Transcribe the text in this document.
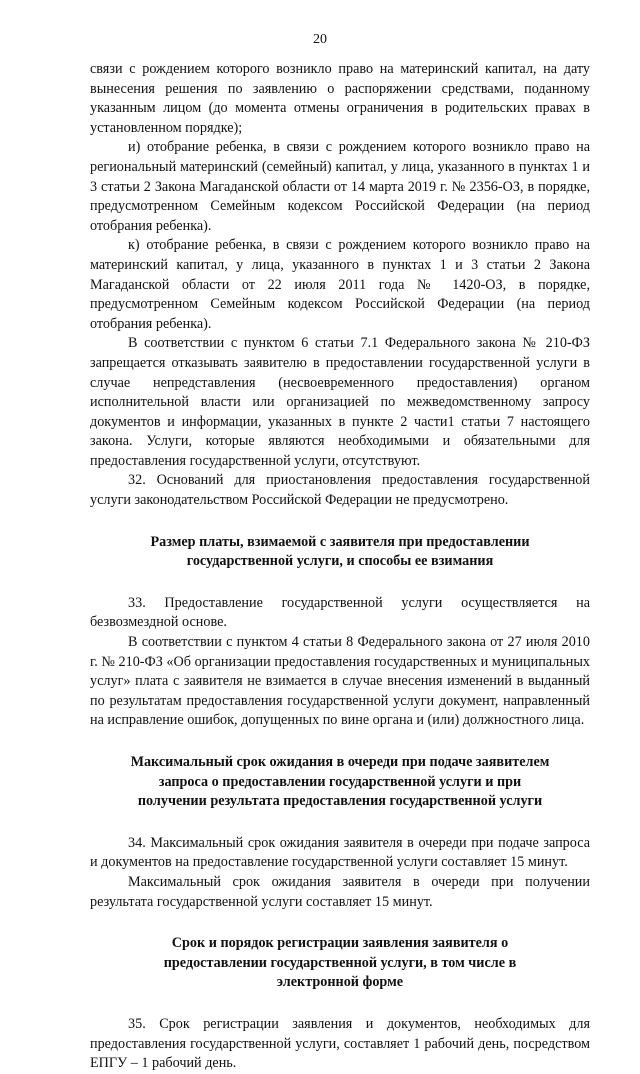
20

связи с рождением которого возникло право на материнский капитал, на дату вынесения решения по заявлению о распоряжении средствами, поданному указанным лицом (до момента отмены ограничения в родительских правах в установленном порядке);

и) отобрание ребенка, в связи с рождением которого возникло право на региональный материнский (семейный) капитал, у лица, указанного в пунктах 1 и 3 статьи 2 Закона Магаданской области от 14 марта 2019 г. № 2356-ОЗ, в порядке, предусмотренном Семейным кодексом Российской Федерации (на период отобрания ребенка).

к) отобрание ребенка, в связи с рождением которого возникло право на материнский капитал, у лица, указанного в пунктах 1 и 3 статьи 2 Закона Магаданской области от 22 июля 2011 года № 1420-ОЗ, в порядке, предусмотренном Семейным кодексом Российской Федерации (на период отобрания ребенка).

В соответствии с пунктом 6 статьи 7.1 Федерального закона № 210-ФЗ запрещается отказывать заявителю в предоставлении государственной услуги в случае непредставления (несвоевременного предоставления) органом исполнительной власти или организацией по межведомственному запросу документов и информации, указанных в пункте 2 части1 статьи 7 настоящего закона. Услуги, которые являются необходимыми и обязательными для предоставления государственной услуги, отсутствуют.

32. Оснований для приостановления предоставления государственной услуги законодательством Российской Федерации не предусмотрено.

Размер платы, взимаемой с заявителя при предоставлении государственной услуги, и способы ее взимания

33. Предоставление государственной услуги осуществляется на безвозмездной основе.

В соответствии с пунктом 4 статьи 8 Федерального закона от 27 июля 2010 г. № 210-ФЗ «Об организации предоставления государственных и муниципальных услуг» плата с заявителя не взимается в случае внесения изменений в выданный по результатам предоставления государственной услуги документ, направленный на исправление ошибок, допущенных по вине органа и (или) должностного лица.

Максимальный срок ожидания в очереди при подаче заявителем запроса о предоставлении государственной услуги и при получении результата предоставления государственной услуги

34. Максимальный срок ожидания заявителя в очереди при подаче запроса и документов на предоставление государственной услуги составляет 15 минут.

Максимальный срок ожидания заявителя в очереди при получении результата государственной услуги составляет 15 минут.

Срок и порядок регистрации заявления заявителя о предоставлении государственной услуги, в том числе в электронной форме

35. Срок регистрации заявления и документов, необходимых для предоставления государственной услуги, составляет 1 рабочий день, посредством ЕПГУ – 1 рабочий день.
